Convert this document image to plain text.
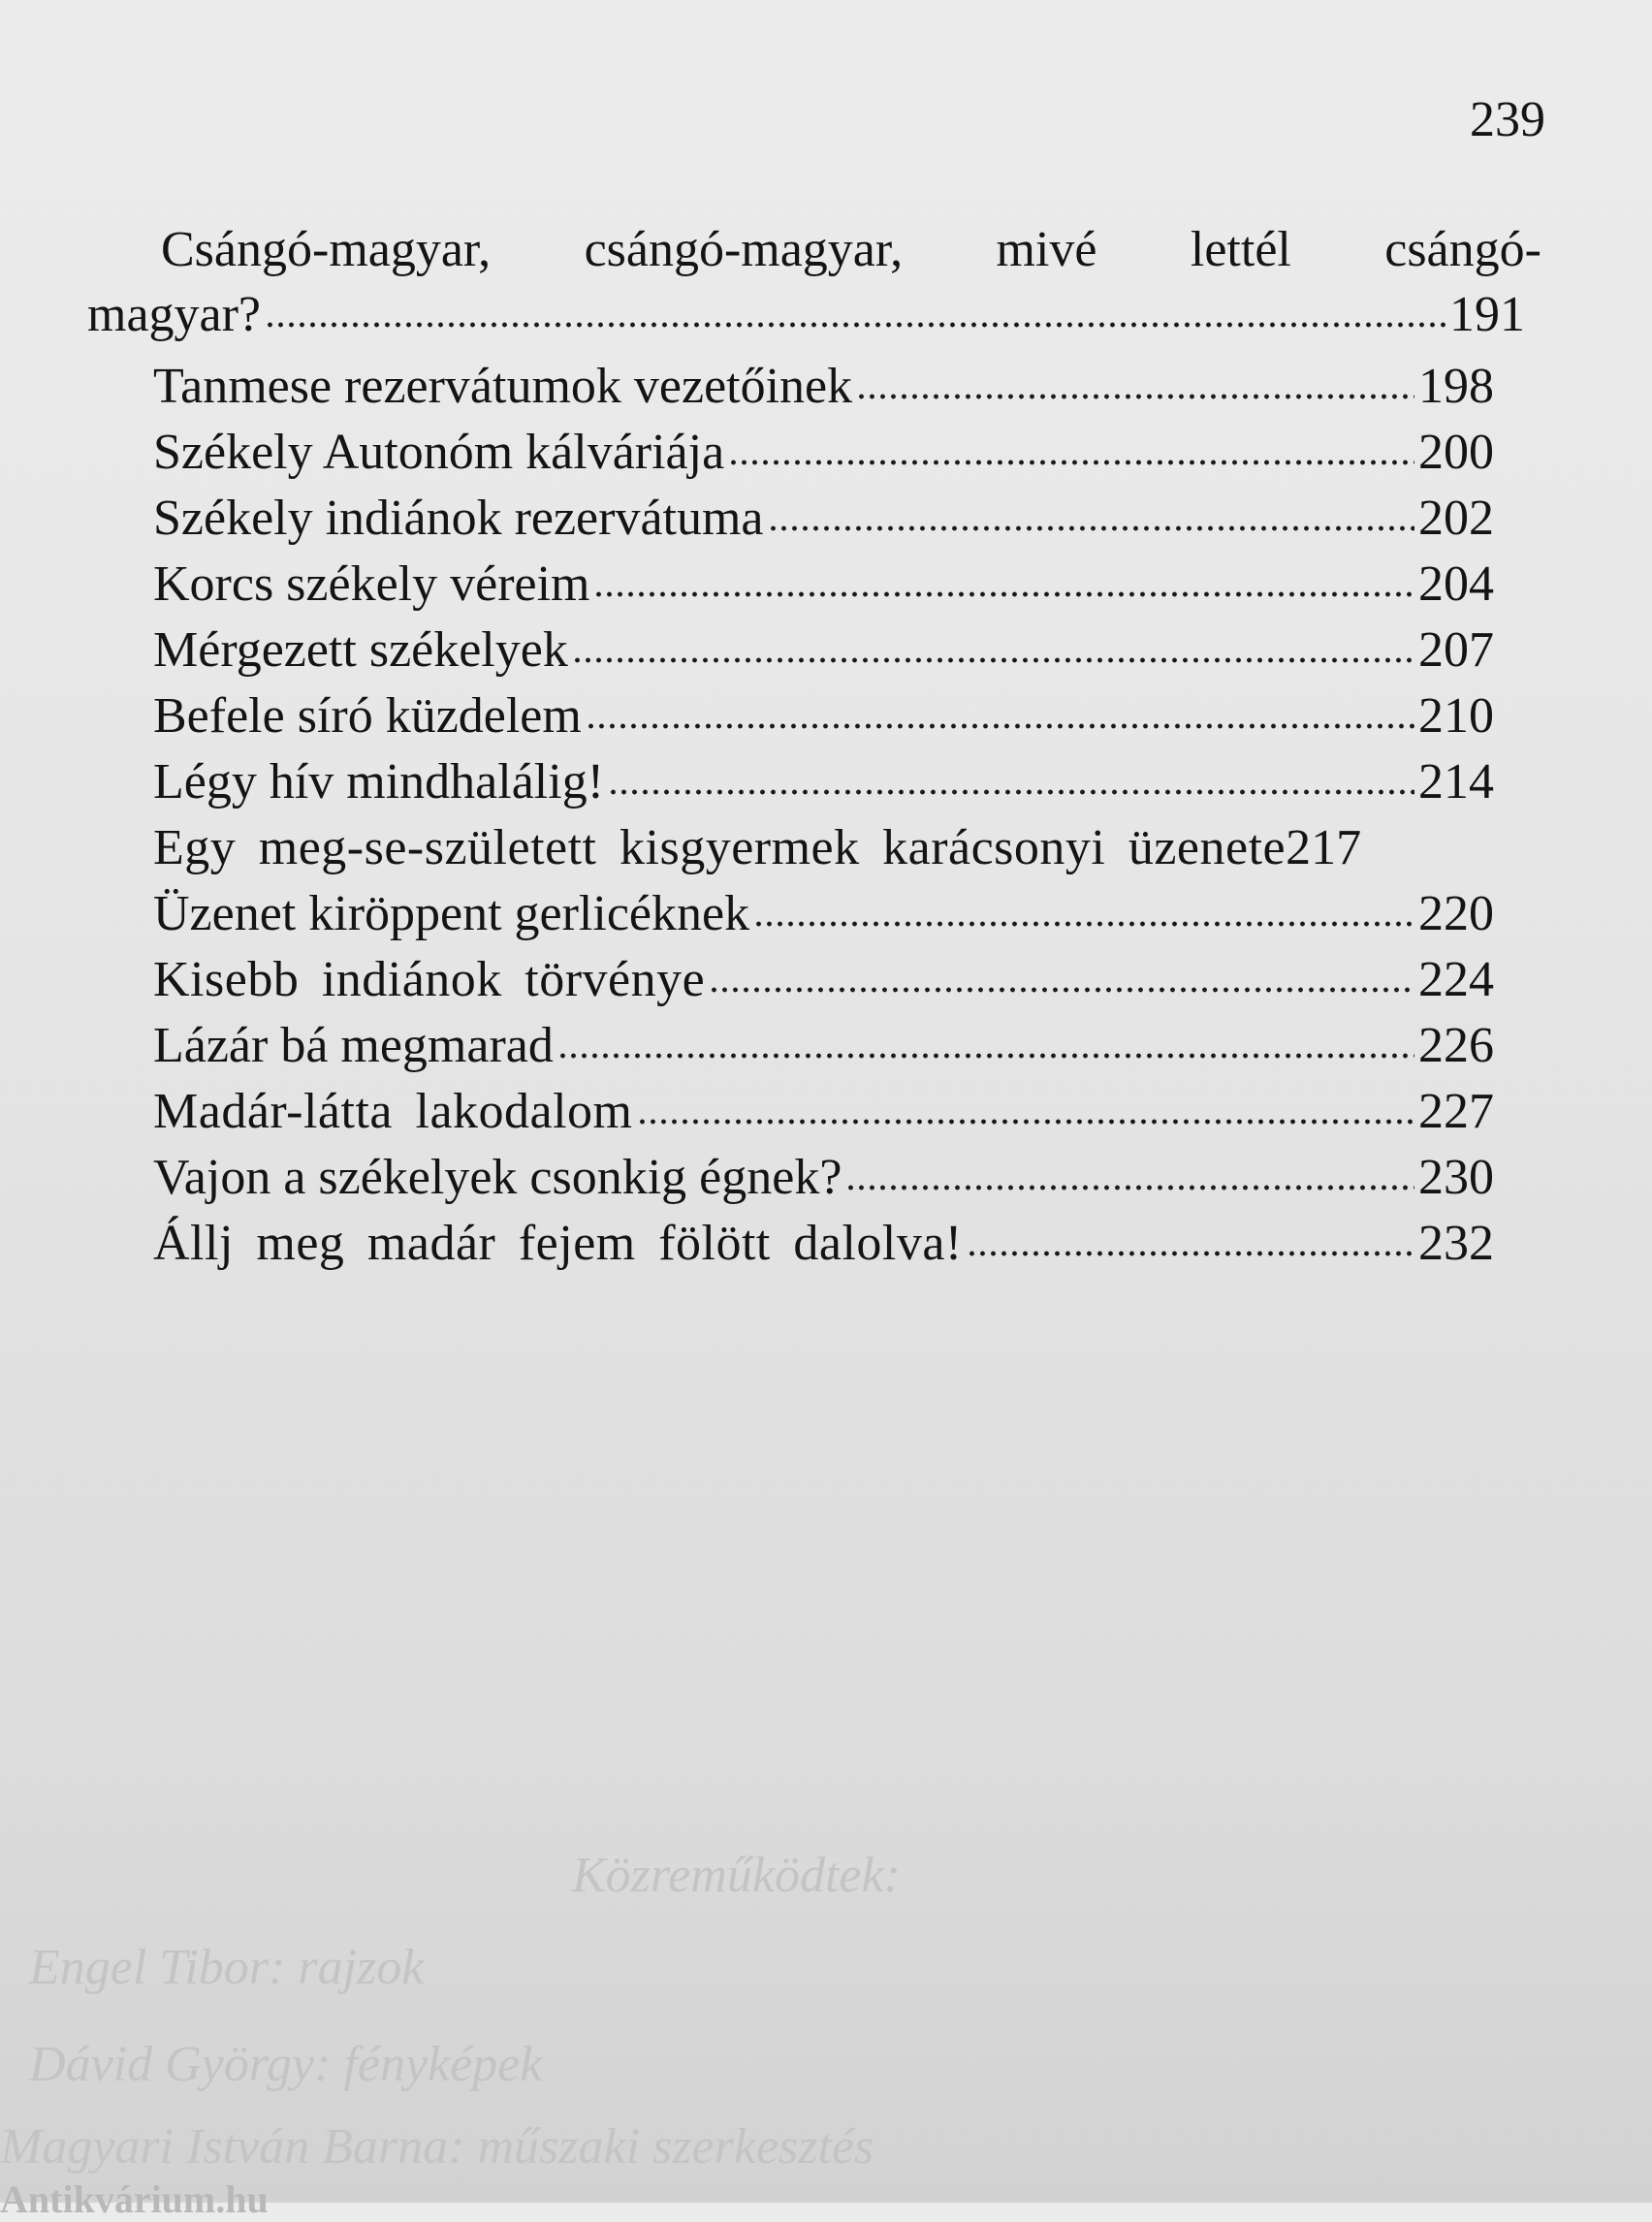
239
Csángó-magyar, csángó-magyar, mivé lettél csángó-
magyar?	191
Tanmese rezervátumok vezetőinek	198
Székely Autonóm kálváriája	200
Székely indiánok rezervátuma	202
Korcs székely véreim	204
Mérgezett székelyek	207
Befele síró küzdelem	210
Légy hív mindhalálig!	214
Egy meg-se-született kisgyermek karácsonyi üzenete 217
Üzenet kiröppent gerlicéknek	220
Kisebb indiánok törvénye	224
Lázár bá megmarad	226
Madár-látta lakodalom	227
Vajon a székelyek csonkig égnek?	230
Állj meg madár fejem fölött dalolva!	232
Közreműködtek:
Engel Tibor: rajzok
Dávid György: fényképek
Magyari István Barna: műszaki szerkesztés
Antikvárium.hu
